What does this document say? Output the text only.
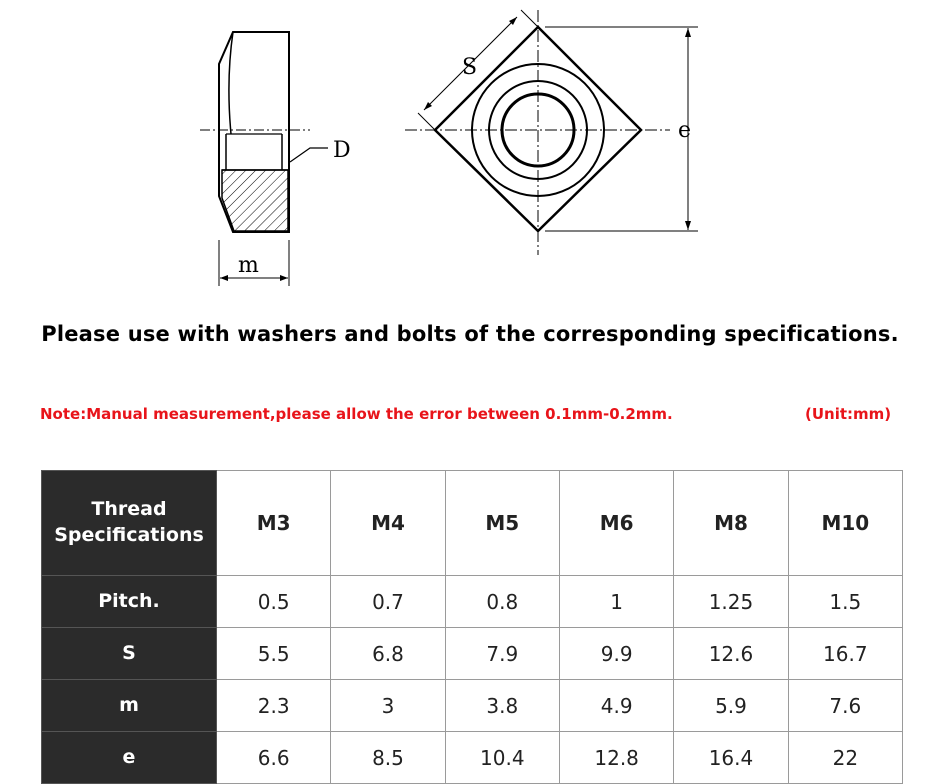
D
m
S
e
Please use with washers and bolts of the corresponding specifications.
Note:Manual measurement,please allow the error between 0.1mm-0.2mm.	(Unit:mm)
Thread
Specifications	M3	M4	M5	M6	M8	M10
Pitch.	0.5	0.7	0.8	1	1.25	1.5
S	5.5	6.8	7.9	9.9	12.6	16.7
m	2.3	3	3.8	4.9	5.9	7.6
e	6.6	8.5	10.4	12.8	16.4	22
